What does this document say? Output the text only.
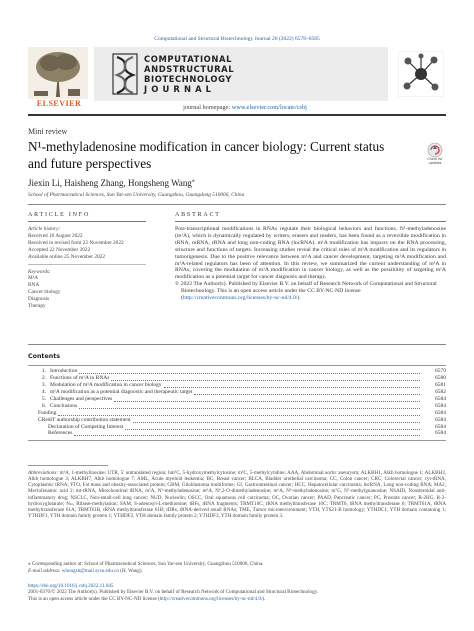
Computational and Structural Biotechnology Journal 20 (2022) 6578–6585
ELSEVIER
COMPUTATIONAL
ANDSTRUCTURAL
BIOTECHNOLOGY
J O U R N A L
journal homepage: www.elsevier.com/locate/csbj
Mini review
N¹-methyladenosine modification in cancer biology: Current status and future perspectives	Check for updates
Jiexin Li, Haisheng Zhang, Hongsheng Wang⁎
School of Pharmaceutical Sciences, Sun Yat-sen University, Guangzhou, Guangdong 510006, China
ARTICLE INFO
Article history:
Received 10 August 2022
Received in revised form 22 November 2022
Accepted 22 November 2022
Available online 25 November 2022
Keywords:
M¹A
RNA
Cancer biology
Diagnosis
Therapy
ABSTRACT
Post-transcriptional modifications in RNAs regulate their biological behaviors and functions. N¹-methyladenosine (m¹A), which is dynamically regulated by writers, erasers and readers, has been found as a reversible modification in tRNA, mRNA, rRNA and long non-coding RNA (lncRNA). m¹A modification has impacts on the RNA processing, structure and functions of targets. Increasing studies reveal the critical roles of m¹A modification and its regulators in tumorigenesis. Due to the positive relevance between m¹A and cancer development, targeting m¹A modification and m¹A-related regulators has been of attention. In this review, we summarized the current understanding of m¹A in RNAs, covering the modulation of m¹A modification in cancer biology, as well as the possibility of targeting m¹A modification as a potential target for cancer diagnosis and therapy.
© 2022 The Author(s). Published by Elsevier B.V. on behalf of Research Network of Computational and Structural Biotechnology. This is an open access article under the CC BY-NC-ND license (http://creativecommons.org/licenses/by-nc-nd/4.0/).
Contents
1. Introduction	6579
2. Functions of m¹A in RNAs	6580
3. Modulation of m¹A modification in cancer biology	6581
4. m¹A modification as a potential diagnostic and therapeutic target	6582
5. Challenges and perspectives	6584
6. Conclusions	6584
Funding	6584
CRediT authorship contribution statement	6584
Declaration of Competing Interest	6584
References	6584
Abbreviations: m¹A, 1-methylinosine; UTR, 5′ untranslated region; hm⁵C, 5-hydroxymethylcytosine; m⁵C, 5-methylcytidine; AAA, Abdominal aortic aneurysm; ALKBH1, Alkb homologue 1; ALKBH3, Alkb homologue 3; ALKBH7, Alkb homologue 7; AML, Acute myeloid leukemia; BC, Breast cancer; BLCA, Bladder urothelial carcinoma; CC, Colon cancer; CRC, Colorectal cancer; cyt-tRNA, Cytoplasmic tRNA; FTO, Fat mass and obesity-associated protein; GBM, Glioblastoma multiforme; GI, Gastrointestinal cancer; HCC, Hepatocellular carcinoma; lncRNA, Long non-coding RNA; MA2, Meclofenamic acid 2; mt-tRNA, Mitochondrial tRNA; m¹A, N¹-methyladenosine; m⁶A, N⁶,2-O-dimethyladenosine; m⁶A, N⁶-methyladenosine; m⁷G, N⁷-methylguanosine; NSAID, Nonsteroidal anti-inflammatory drug; NSCLC, Non-small-cell lung cancer; NUD, Nucleolin; OSCC, Oral squamous cell carcinoma; OC, Ovarian cancer; PAAD, Pancreatic cancer; PC, Prostate cancer; R-2HG, R-2-hydroxyglutarate; Nₘ, Ribose-methylation; SAM, S-adenosyl-L-methionine; tRFs, tRNA fragments; TRMT10C, tRNA methyltransferase 10C; TRMT6, tRNA methyltransferase 6; TRMT61A, tRNA methyltransferase 61A; TRMT61B, tRNA methyltransferase 61B; tDRs, tRNA-derived small RNAs; TME, Tumor microenvironment; YTH, YTS21-B homology; YTHDC1, YTH domain containing 1; YTHDF1, YTH domain family protein 1; YTHDF2, YTH domain family protein 2; YTHDF3, YTH domain family protein 3.
⁎ Corresponding author at: School of Pharmaceutical Sciences, Sun Yat-sen University, Guangzhou 510006, China.
E-mail address: whongsh@mail.sysu.edu.cn (H. Wang).
https://doi.org/10.1016/j.csbj.2022.11.045
2001-0370/© 2022 The Author(s). Published by Elsevier B.V. on behalf of Research Network of Computational and Structural Biotechnology.
This is an open access article under the CC BY-NC-ND license (http://creativecommons.org/licenses/by-nc-nd/4.0/).
